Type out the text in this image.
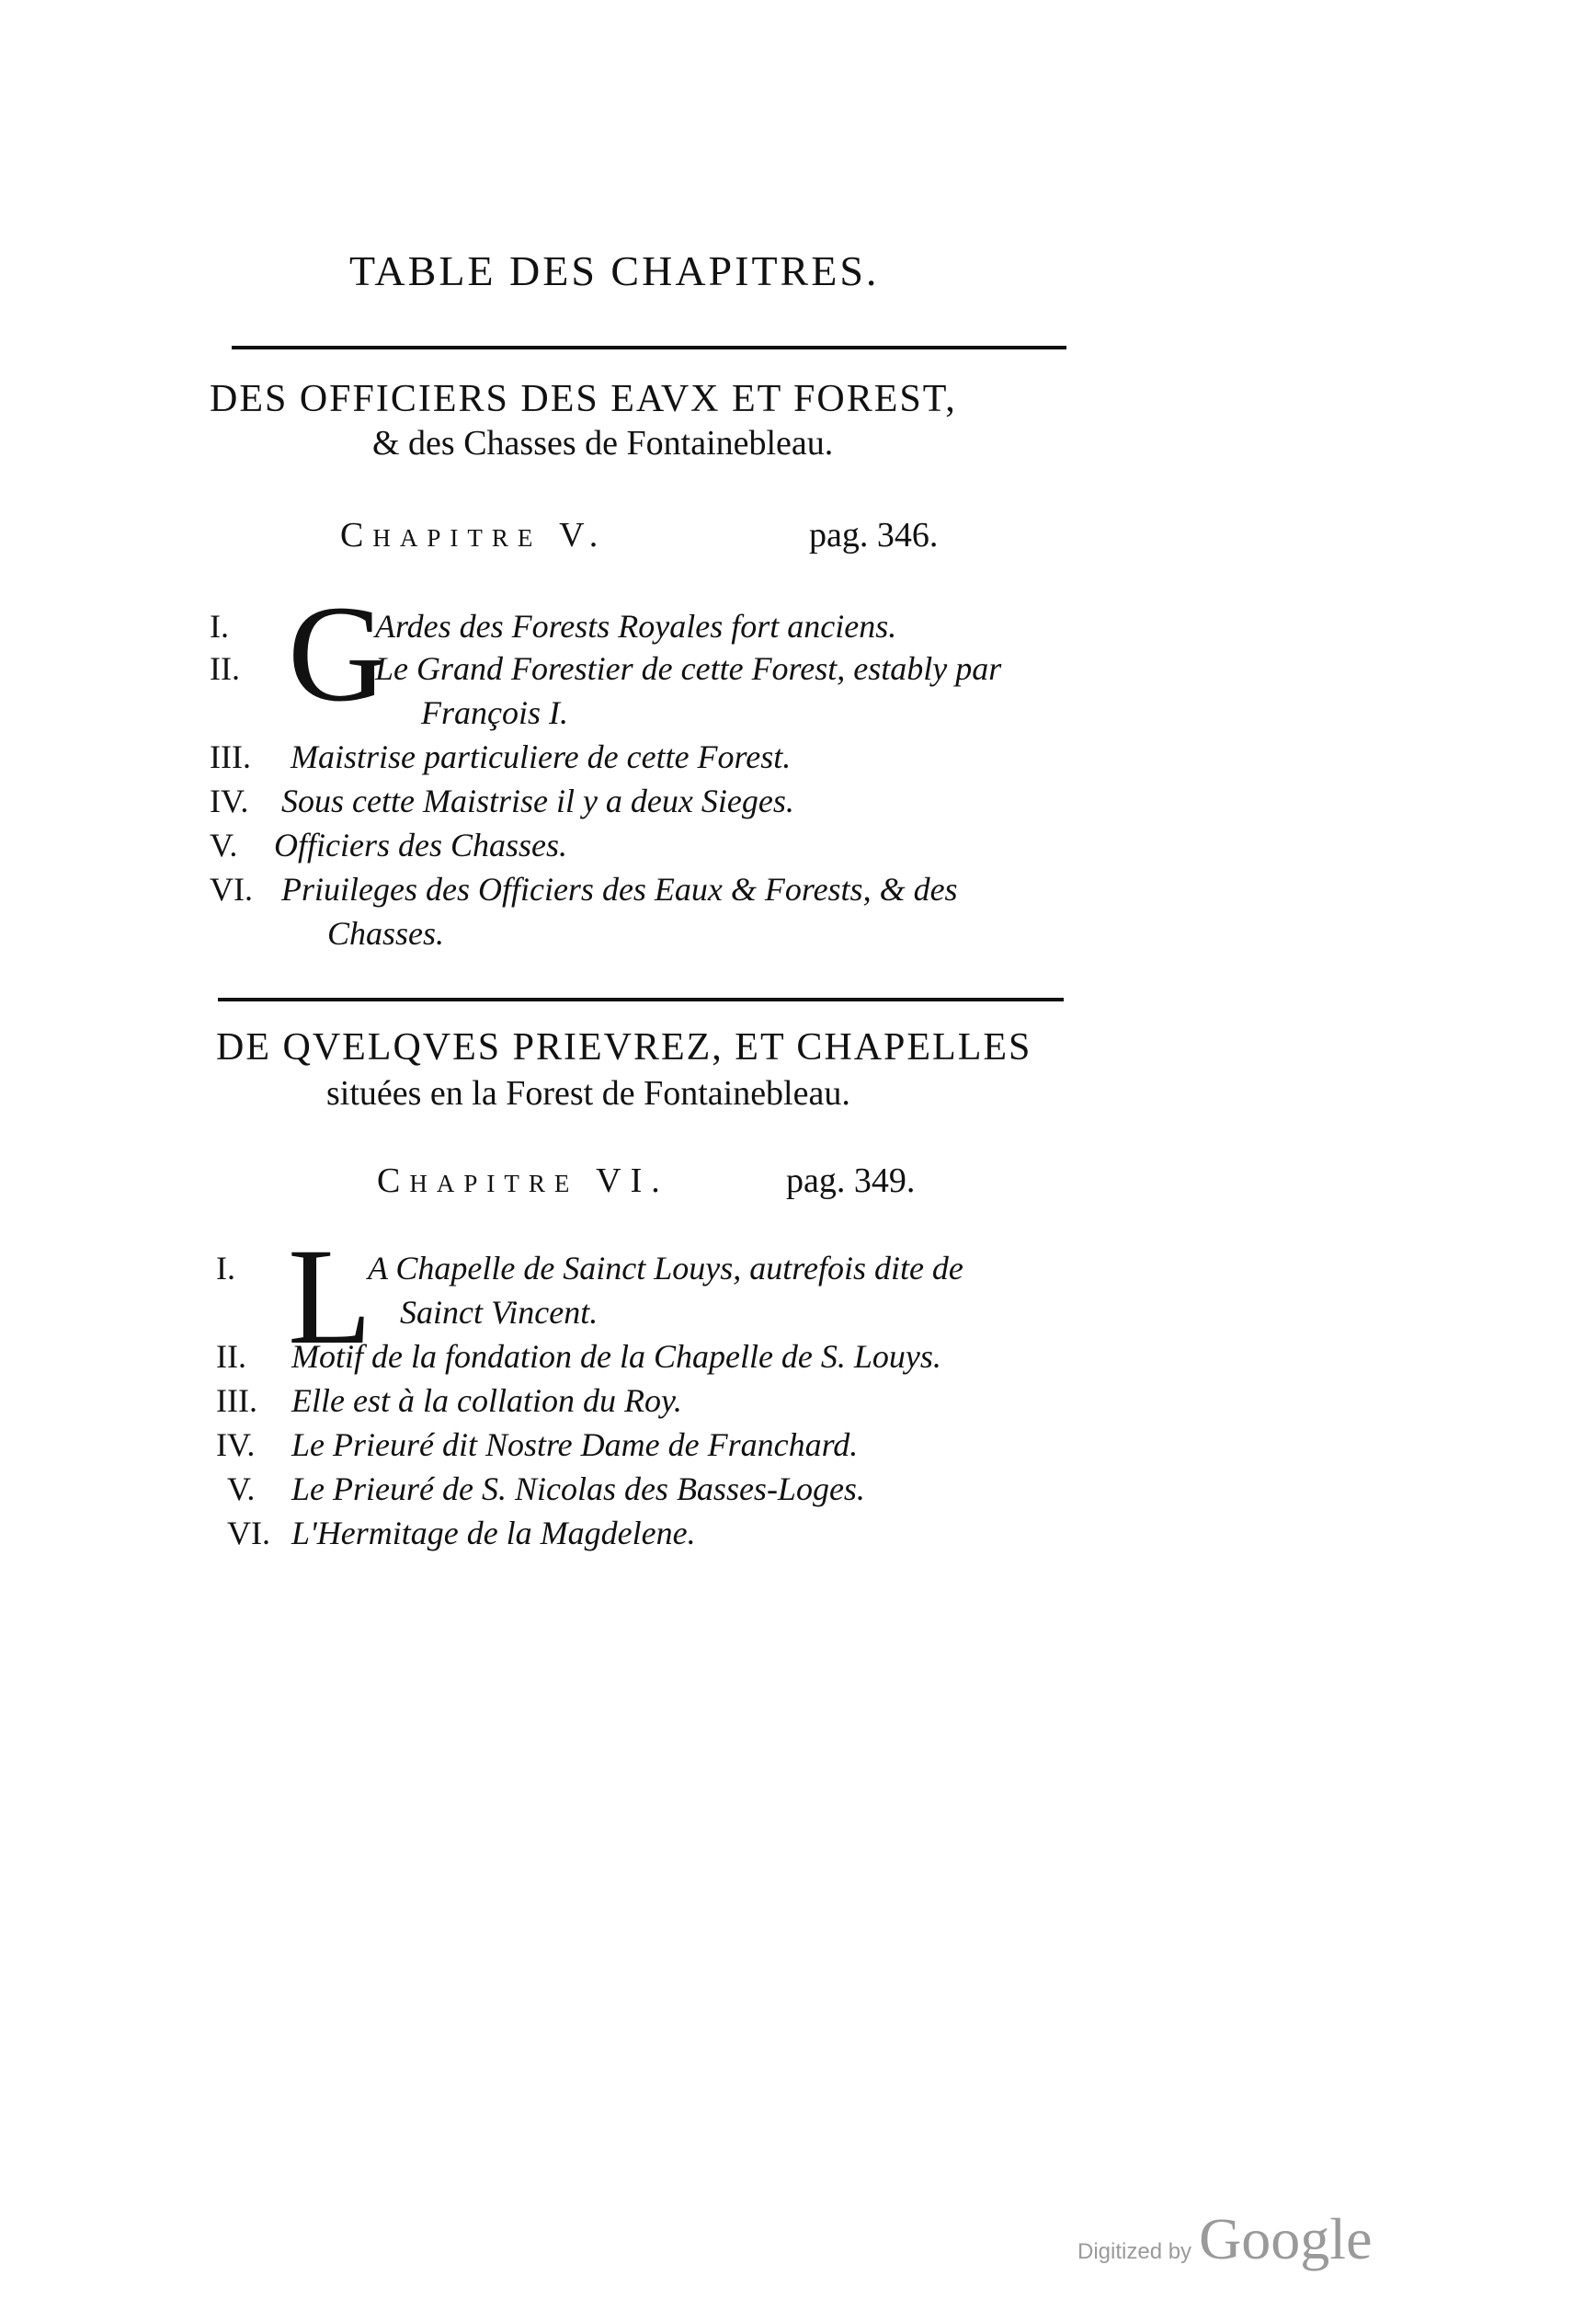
TABLE DES CHAPITRES.
DES OFFICIERS DES EAVX ET FOREST,
& des Chasses de Fontainebleau.
Chapitre V.	pag. 346.
G
I.	Ardes des Forests Royales fort anciens.
II.	Le Grand Forestier de cette Forest, estably par
François I.
III. Maistrise particuliere de cette Forest.
IV. Sous cette Maistrise il y a deux Sieges.
V. Officiers des Chasses.
VI. Priuileges des Officiers des Eaux & Forests, & des
Chasses.
DE QVELQVES PRIEVREZ, ET CHAPELLES
situées en la Forest de Fontainebleau.
Chapitre VI.	pag. 349.
L
I.	A Chapelle de Sainct Louys, autrefois dite de
Sainct Vincent.
II. Motif de la fondation de la Chapelle de S. Louys.
III. Elle est à la collation du Roy.
IV. Le Prieuré dit Nostre Dame de Franchard.
V. Le Prieuré de S. Nicolas des Basses-Loges.
VI. L'Hermitage de la Magdelene.
Digitized by Google
